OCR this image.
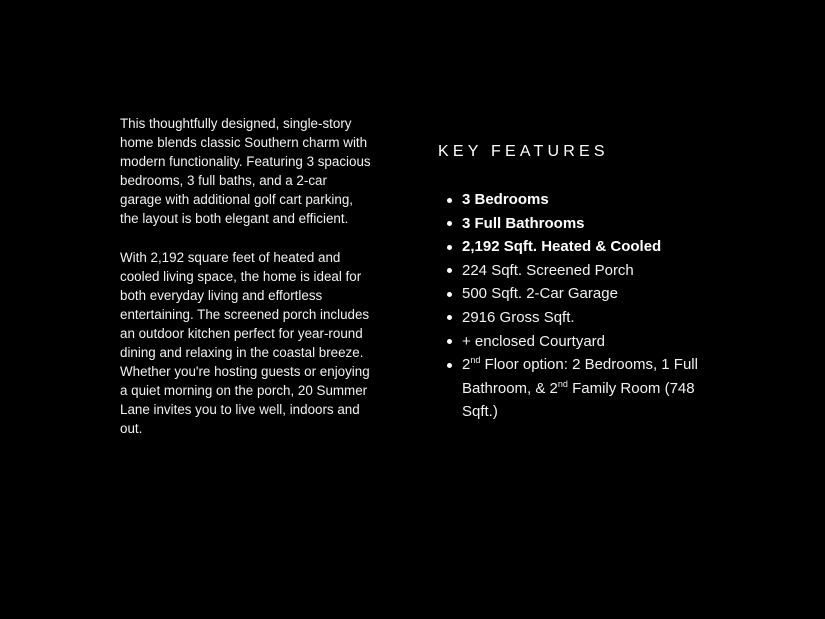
This thoughtfully designed, single-story home blends classic Southern charm with modern functionality. Featuring 3 spacious bedrooms, 3 full baths, and a 2-car garage with additional golf cart parking, the layout is both elegant and efficient.

With 2,192 square feet of heated and cooled living space, the home is ideal for both everyday living and effortless entertaining. The screened porch includes an outdoor kitchen perfect for year-round dining and relaxing in the coastal breeze. Whether you're hosting guests or enjoying a quiet morning on the porch, 20 Summer Lane invites you to live well, indoors and out.

KEY FEATURES
3 Bedrooms
3 Full Bathrooms
2,192 Sqft. Heated & Cooled
224 Sqft. Screened Porch
500 Sqft. 2-Car Garage
2916 Gross Sqft.
+ enclosed Courtyard
2nd Floor option: 2 Bedrooms, 1 Full Bathroom, & 2nd Family Room (748 Sqft.)
